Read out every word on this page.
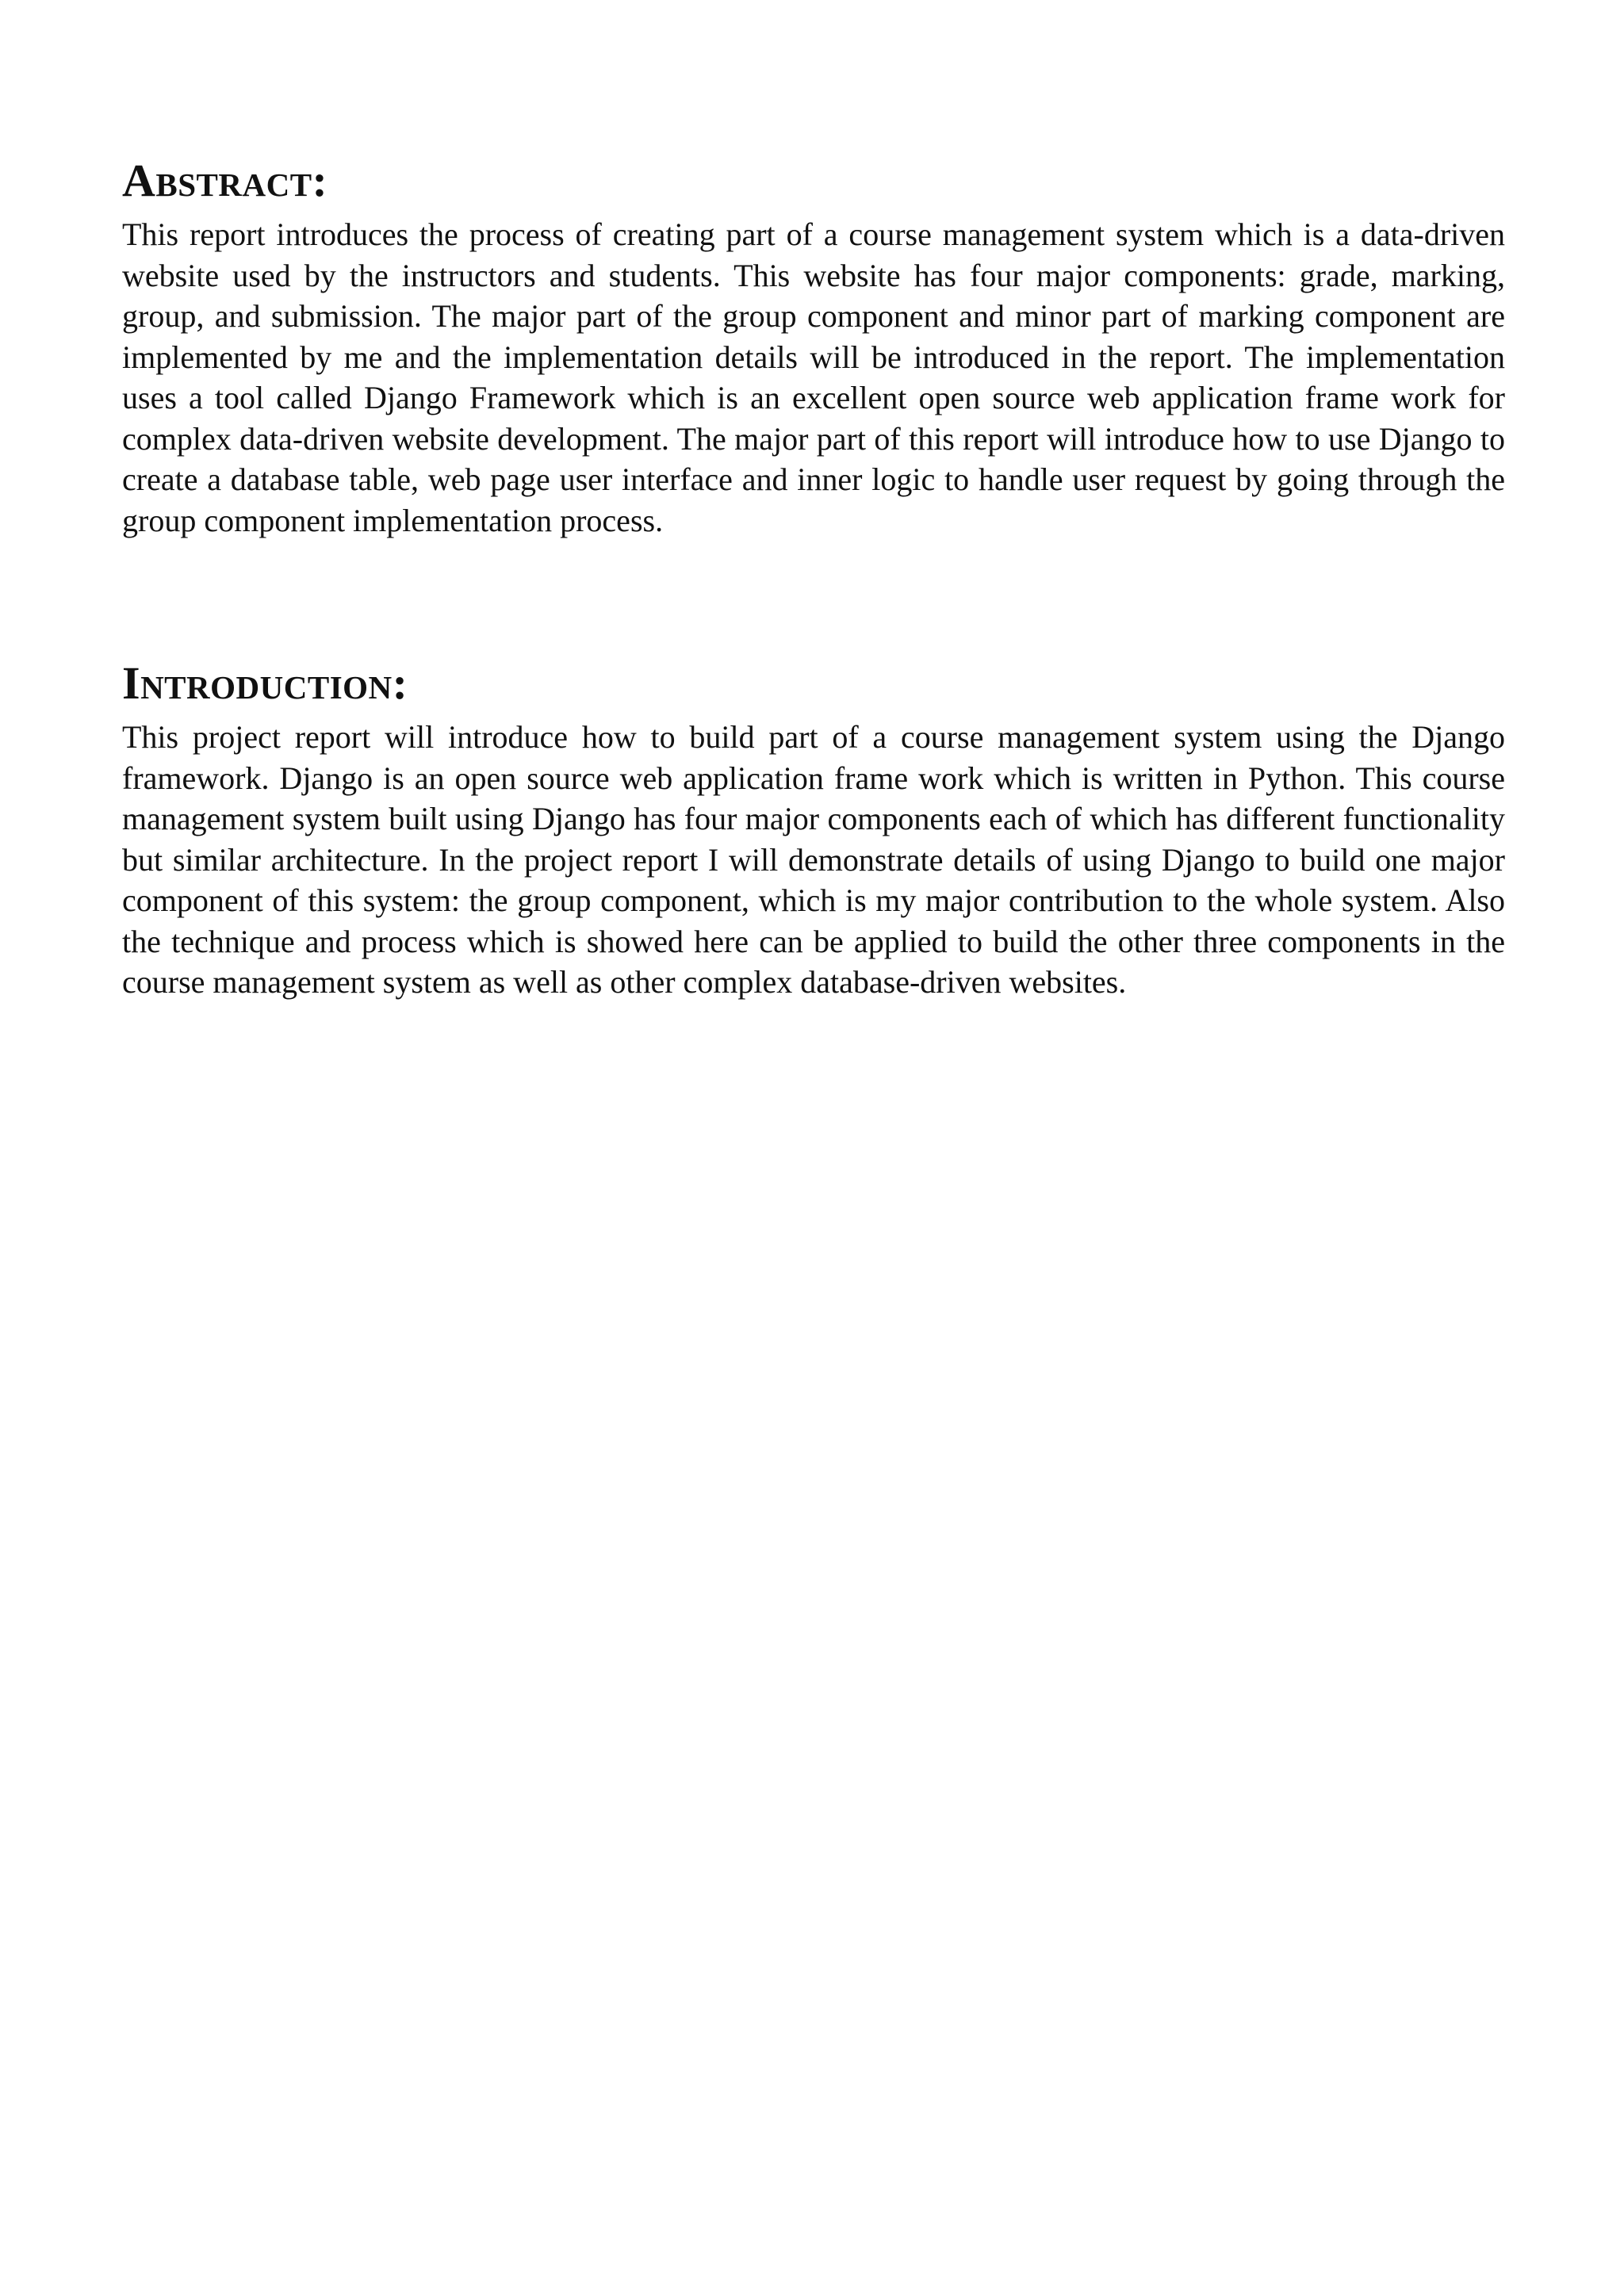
Abstract:

This report introduces the process of creating part of a course management system which is a data-driven website used by the instructors and students. This website has four major components: grade, marking, group, and submission. The major part of the group component and minor part of marking component are implemented by me and the implementation details will be introduced in the report. The implementation uses a tool called Django Framework which is an excellent open source web application frame work for complex data-driven website development. The major part of this report will introduce how to use Django to create a database table, web page user interface and inner logic to handle user request by going through the group component implementation process.

Introduction:

This project report will introduce how to build part of a course management system using the Django framework. Django is an open source web application frame work which is written in Python. This course management system built using Django has four major components each of which has different functionality but similar architecture. In the project report I will demonstrate details of using Django to build one major component of this system: the group component, which is my major contribution to the whole system. Also the technique and process which is showed here can be applied to build the other three components in the course management system as well as other complex database-driven websites.
